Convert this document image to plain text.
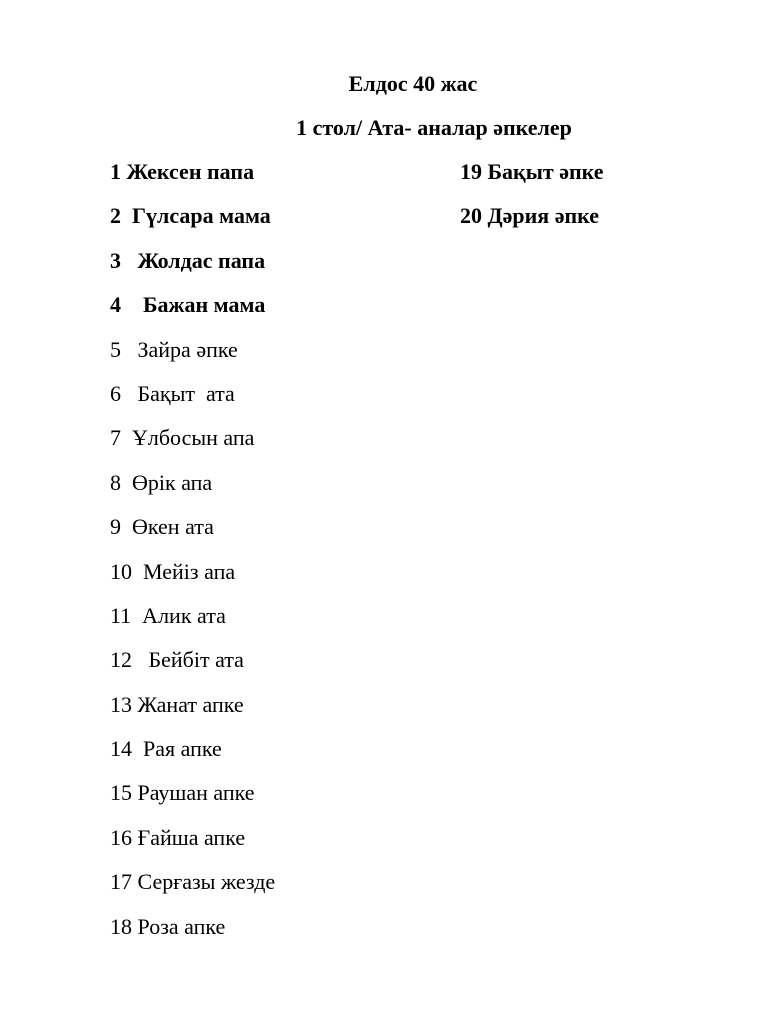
Елдос 40 жас
1 стол/ Ата- аналар әпкелер
1 Жексен папа
2  Гүлсара мама
3   Жолдас папа
4    Бажан мама
5   Зайра әпке
6   Бақыт  ата
7  Ұлбосын апа
8  Өрік апа
9  Өкен ата
10  Мейіз апа
11  Алик ата
12   Бейбіт ата
13 Жанат апке
14  Рая апке
15 Раушан апке
16 Ғайша апке
17 Серғазы жезде
18 Роза апке
19 Бақыт әпке
20 Дәрия әпке
